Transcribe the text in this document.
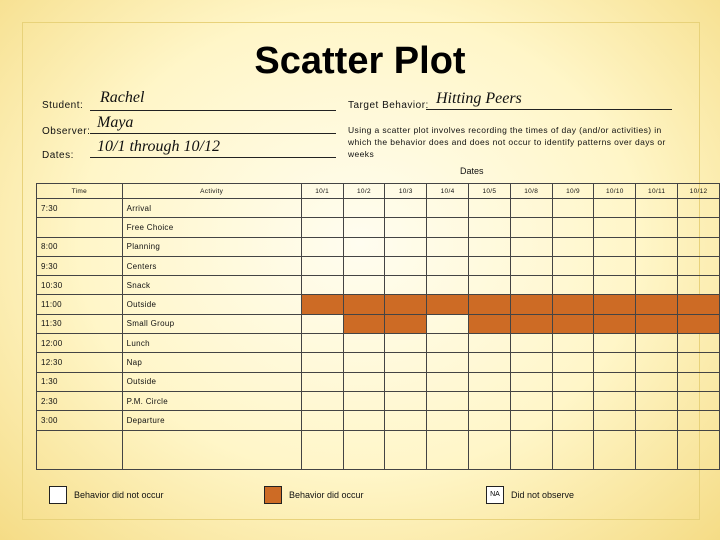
Scatter Plot
Student: Rachel
Observer:
Maya
Dates:
10/1 through 10/12
Target Behavior: Hitting Peers
Using a scatter plot involves recording the times of day (and/or activities) in which the behavior does and does not occur to identify patterns over days or weeks
Dates
Time	Activity	10/1	10/2	10/3	10/4	10/5	10/8	10/9	10/10	10/11	10/12
7:30	Arrival										
	Free Choice										
8:00	Planning										
9:30	Centers										
10:30	Snack										
11:00	Outside										
11:30	Small Group										
12:00	Lunch										
12:30	Nap										
1:30	Outside										
2:30	P.M. Circle										
3:00	Departure										

Behavior did not occur	Behavior did occur	NA	Did not observe
